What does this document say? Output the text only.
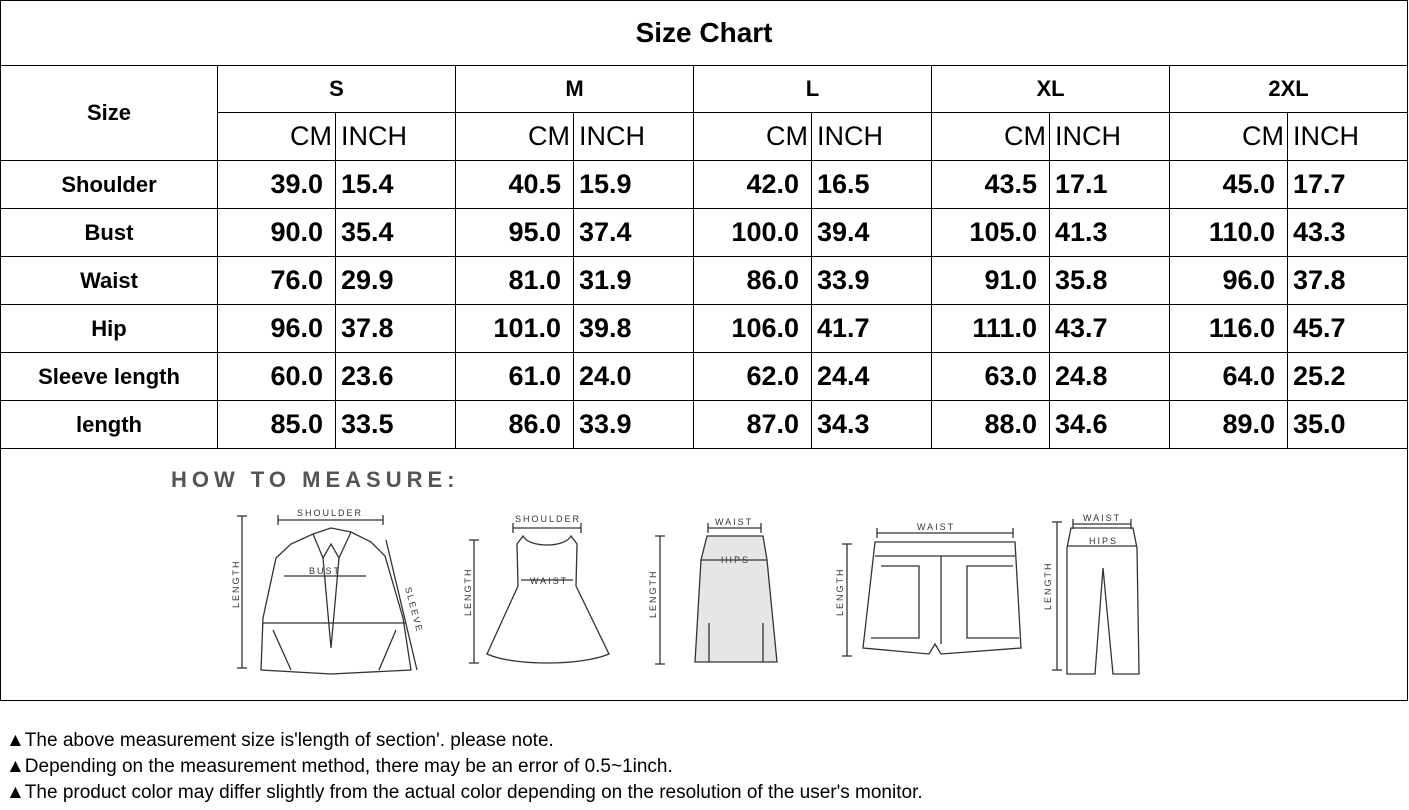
Size Chart										
Size	S		M		L		XL		2XL	
	CM	INCH	CM	INCH	CM	INCH	CM	INCH	CM	INCH
Shoulder	39.0	15.4	40.5	15.9	42.0	16.5	43.5	17.1	45.0	17.7
Bust	90.0	35.4	95.0	37.4	100.0	39.4	105.0	41.3	110.0	43.3
Waist	76.0	29.9	81.0	31.9	86.0	33.9	91.0	35.8	96.0	37.8
Hip	96.0	37.8	101.0	39.8	106.0	41.7	111.0	43.7	116.0	45.7
Sleeve length	60.0	23.6	61.0	24.0	62.0	24.4	63.0	24.8	64.0	25.2
length	85.0	33.5	86.0	33.9	87.0	34.3	88.0	34.6	89.0	35.0
HOW TO MEASURE:
SHOULDER
BUST
LENGTH
SLEEVE
SHOULDER
WAIST
LENGTH
WAIST
HIPS
LENGTH
WAIST
LENGTH
WAIST
HIPS
LENGTH
▲The above measurement size is'length of section'. please note.
▲Depending on the measurement method, there may be an error of 0.5~1inch.
▲The product color may differ slightly from the actual color depending on the resolution of the user's monitor.
